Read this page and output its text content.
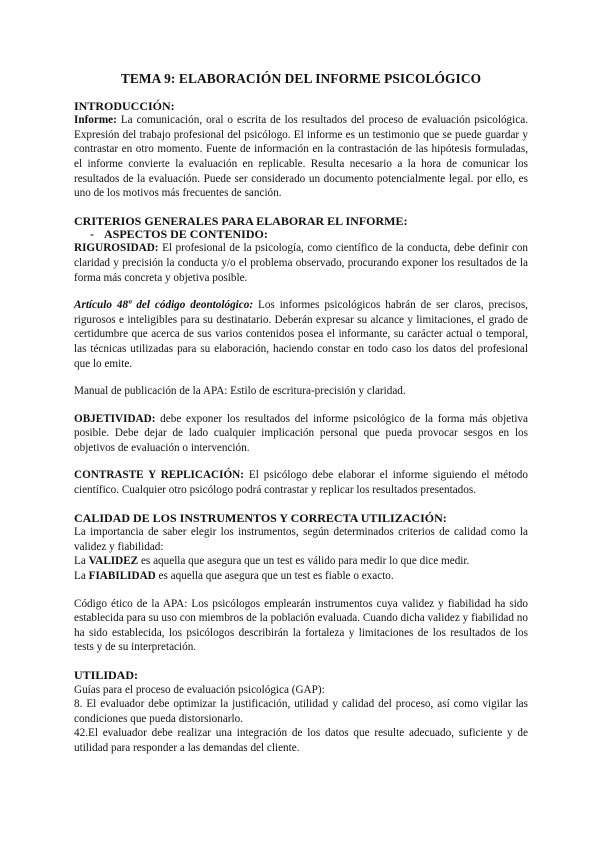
TEMA 9: ELABORACIÓN DEL INFORME PSICOLÓGICO
INTRODUCCIÓN:

Informe: La comunicación, oral o escrita de los resultados del proceso de evaluación psicológica. Expresión del trabajo profesional del psicólogo. El informe es un testimonio que se puede guardar y contrastar en otro momento. Fuente de información en la contrastación de las hipótesis formuladas, el informe convierte la evaluación en replicable. Resulta necesario a la hora de comunicar los resultados de la evaluación. Puede ser considerado un documento potencialmente legal. por ello, es uno de los motivos más frecuentes de sanción.

CRITERIOS GENERALES PARA ELABORAR EL INFORME:
- ASPECTOS DE CONTENIDO:

RIGUROSIDAD: El profesional de la psicología, como científico de la conducta, debe definir con claridad y precisión la conducta y/o el problema observado, procurando exponer los resultados de la forma más concreta y objetiva posible.

Artículo 48º del código deontológico: Los informes psicológicos habrán de ser claros, precisos, rigurosos e inteligibles para su destinatario. Deberán expresar su alcance y limitaciones, el grado de certidumbre que acerca de sus varios contenidos posea el informante, su carácter actual o temporal, las técnicas utilizadas para su elaboración, haciendo constar en todo caso los datos del profesional que lo emite.

Manual de publicación de la APA: Estilo de escritura-precisión y claridad.

OBJETIVIDAD: debe exponer los resultados del informe psicológico de la forma más objetiva posible. Debe dejar de lado cualquier implicación personal que pueda provocar sesgos en los objetivos de evaluación o intervención.

CONTRASTE Y REPLICACIÓN: El psicólogo debe elaborar el informe siguiendo el método científico. Cualquier otro psicólogo podrá contrastar y replicar los resultados presentados.

CALIDAD DE LOS INSTRUMENTOS Y CORRECTA UTILIZACIÓN:

La importancia de saber elegir los instrumentos, según determinados criterios de calidad como la validez y fiabilidad:

La VALIDEZ es aquella que asegura que un test es válido para medir lo que dice medir.

La FIABILIDAD es aquella que asegura que un test es fiable o exacto.

Código ético de la APA: Los psicólogos emplearán instrumentos cuya validez y fiabilidad ha sido establecida para su uso con miembros de la población evaluada. Cuando dicha validez y fiabilidad no ha sido establecida, los psicólogos describirán la fortaleza y limitaciones de los resultados de los tests y de su interpretación.

UTILIDAD:

Guías para el proceso de evaluación psicológica (GAP):

8. El evaluador debe optimizar la justificación, utilidad y calidad del proceso, así como vigilar las condiciones que pueda distorsionarlo.

42.El evaluador debe realizar una integración de los datos que resulte adecuado, suficiente y de utilidad para responder a las demandas del cliente.
